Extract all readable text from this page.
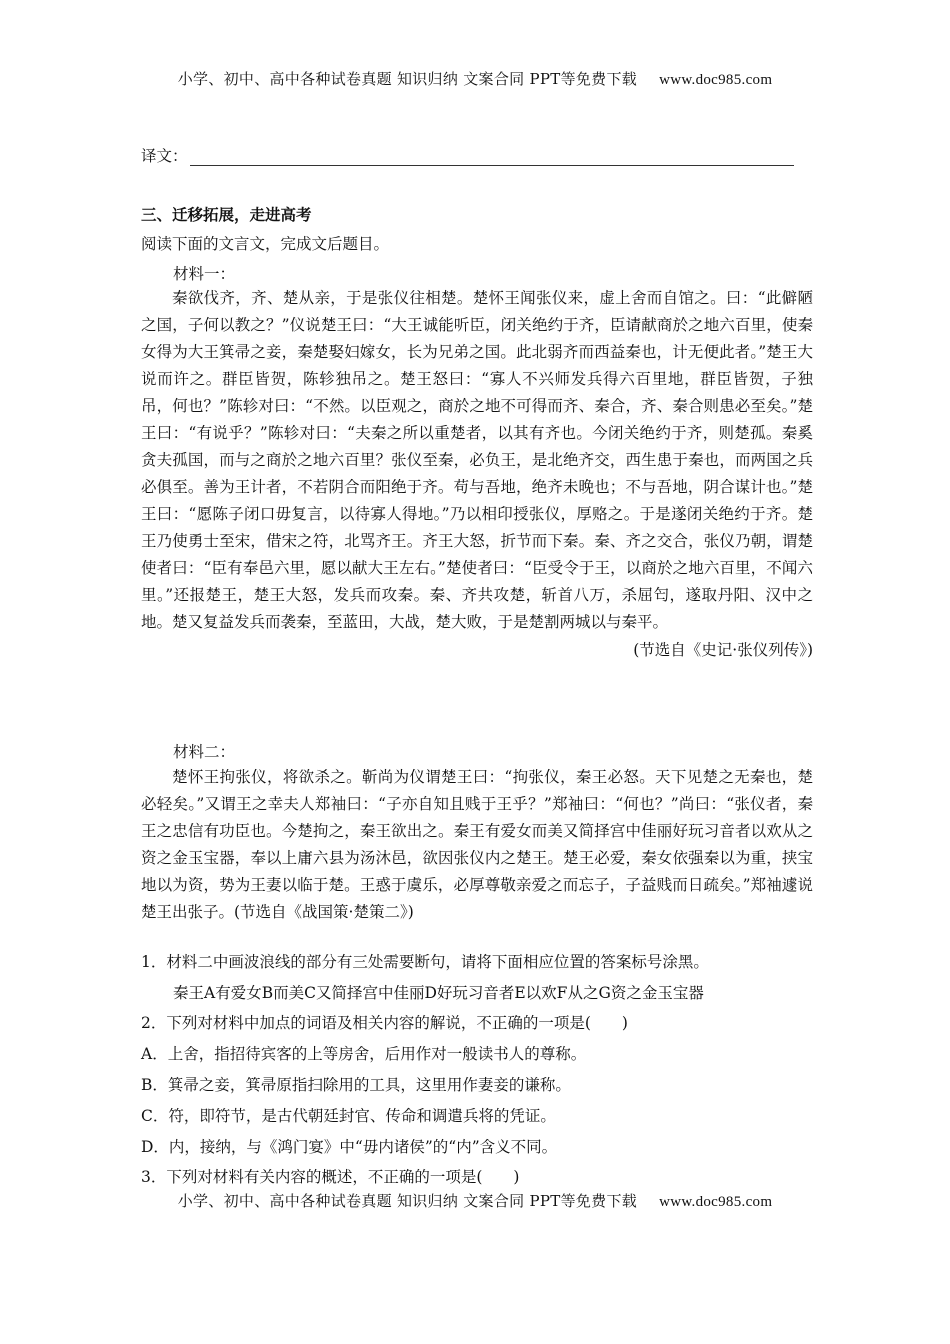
小学、初中、高中各种试卷真题 知识归纳 文案合同 PPT等免费下载 www.doc985.com
译文：
三、迁移拓展，走进高考
阅读下面的文言文，完成文后题目。
材料一：

秦欲伐齐，齐、楚从亲，于是张仪往相楚。楚怀王闻张仪来，虚上舍而自馆之。曰：“此僻陋之国，子何以教之？”仪说楚王曰：“大王诚能听臣，闭关绝约于齐，臣请献商於之地六百里，使秦女得为大王箕帚之妾，秦楚娶妇嫁女，长为兄弟之国。此北弱齐而西益秦也，计无便此者。”楚王大说而许之。群臣皆贺，陈轸独吊之。楚王怒曰：“寡人不兴师发兵得六百里地，群臣皆贺，子独吊，何也？”陈轸对曰：“不然。以臣观之，商於之地不可得而齐、秦合，齐、秦合则患必至矣。”楚王曰：“有说乎？”陈轸对曰：“夫秦之所以重楚者，以其有齐也。今闭关绝约于齐，则楚孤。秦奚贪夫孤国，而与之商於之地六百里？张仪至秦，必负王，是北绝齐交，西生患于秦也，而两国之兵必俱至。善为王计者，不若阴合而阳绝于齐。苟与吾地，绝齐未晚也；不与吾地，阴合谋计也。”楚王曰：“愿陈子闭口毋复言，以待寡人得地。”乃以相印授张仪，厚赂之。于是遂闭关绝约于齐。楚王乃使勇士至宋，借宋之符，北骂齐王。齐王大怒，折节而下秦。秦、齐之交合，张仪乃朝，谓楚使者曰：“臣有奉邑六里，愿以献大王左右。”楚使者曰：“臣受令于王，以商於之地六百里，不闻六里。”还报楚王，楚王大怒，发兵而攻秦。秦、齐共攻楚，斩首八万，杀屈匄，遂取丹阳、汉中之地。楚又复益发兵而袭秦，至蓝田，大战，楚大败，于是楚割两城以与秦平。

(节选自《史记·张仪列传》)

材料二：

楚怀王拘张仪，将欲杀之。靳尚为仪谓楚王曰：“拘张仪，秦王必怒。天下见楚之无秦也，楚必轻矣。”又谓王之幸夫人郑袖曰：“子亦自知且贱于王乎？”郑袖曰：“何也？”尚曰：“张仪者，秦王之忠信有功臣也。今楚拘之，秦王欲出之。秦王有爱女而美又简择宫中佳丽好玩习音者以欢从之资之金玉宝器，奉以上庸六县为汤沐邑，欲因张仪内之楚王。楚王必爱，秦女依强秦以为重，挟宝地以为资，势为王妻以临于楚。王惑于虞乐，必厚尊敬亲爱之而忘子，子益贱而日疏矣。”郑袖遽说楚王出张子。(节选自《战国策·楚策二》)

1．材料二中画波浪线的部分有三处需要断句，请将下面相应位置的答案标号涂黑。
秦王A有爱女B而美C又简择宫中佳丽D好玩习音者E以欢F从之G资之金玉宝器
2．下列对材料中加点的词语及相关内容的解说，不正确的一项是(　　)
A．上舍，指招待宾客的上等房舍，后用作对一般读书人的尊称。
B．箕帚之妾，箕帚原指扫除用的工具，这里用作妻妾的谦称。
C．符，即符节，是古代朝廷封官、传命和调遣兵将的凭证。
D．内，接纳，与《鸿门宴》中“毋内诸侯”的“内”含义不同。
3．下列对材料有关内容的概述，不正确的一项是(　　)
小学、初中、高中各种试卷真题 知识归纳 文案合同 PPT等免费下载 www.doc985.com
